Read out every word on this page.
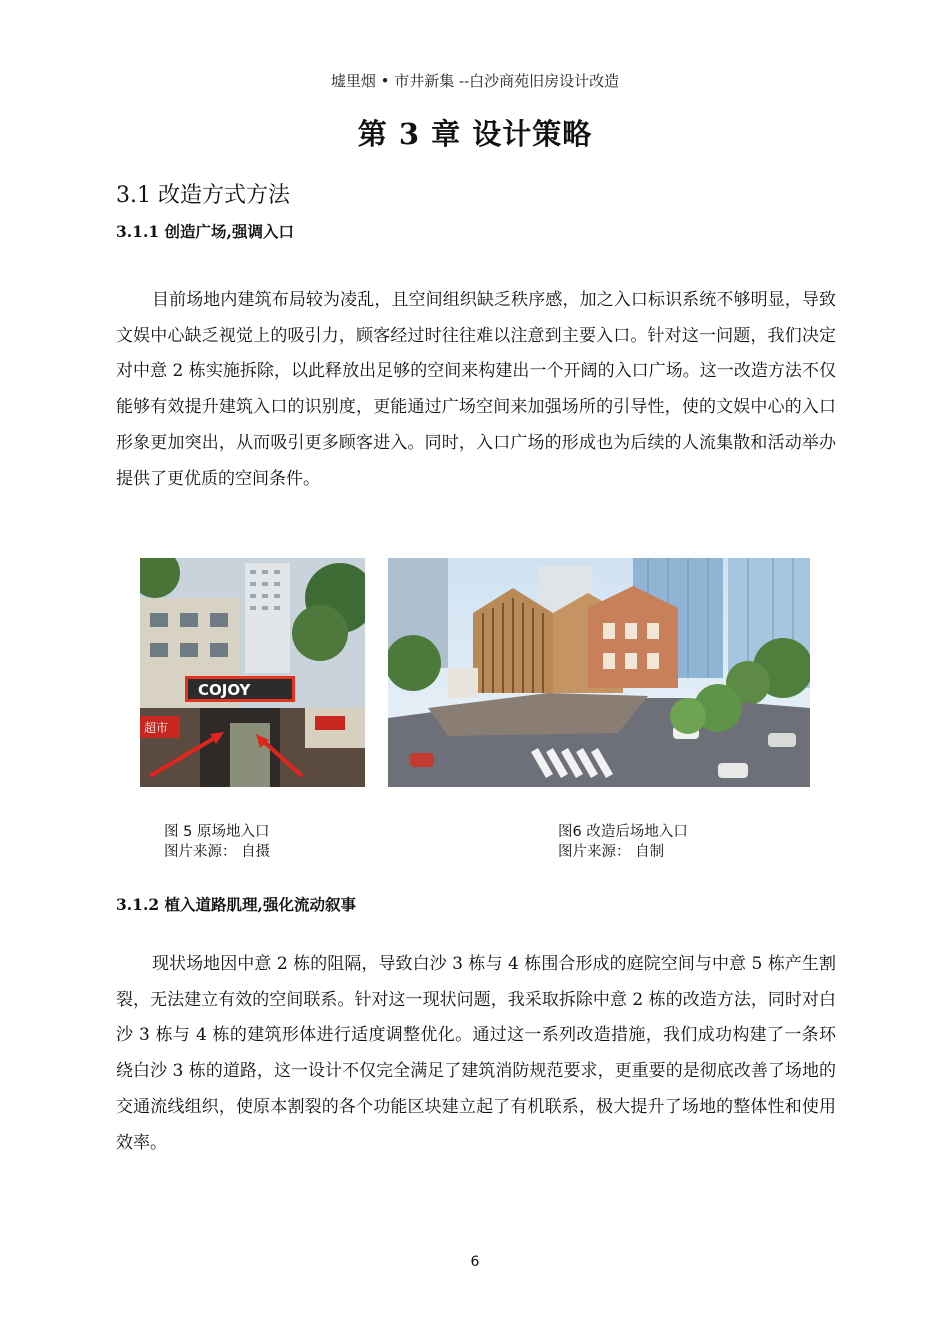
墟里烟 • 市井新集 --白沙商苑旧房设计改造
第 3 章 设计策略
3.1 改造方式方法
3.1.1 创造广场,强调入口

目前场地内建筑布局较为凌乱，且空间组织缺乏秩序感，加之入口标识系统不够明显，导致文娱中心缺乏视觉上的吸引力，顾客经过时往往难以注意到主要入口。针对这一问题，我们决定对中意 2 栋实施拆除，以此释放出足够的空间来构建出一个开阔的入口广场。这一改造方法不仅能够有效提升建筑入口的识别度，更能通过广场空间来加强场所的引导性，使的文娱中心的入口形象更加突出，从而吸引更多顾客进入。同时，入口广场的形成也为后续的人流集散和活动举办提供了更优质的空间条件。

COJOY
超市
图 5 原场地入口
图片来源： 自摄
图6 改造后场地入口
图片来源： 自制
3.1.2 植入道路肌理,强化流动叙事

现状场地因中意 2 栋的阻隔，导致白沙 3 栋与 4 栋围合形成的庭院空间与中意 5 栋产生割裂，无法建立有效的空间联系。针对这一现状问题，我采取拆除中意 2 栋的改造方法，同时对白沙 3 栋与 4 栋的建筑形体进行适度调整优化。通过这一系列改造措施，我们成功构建了一条环绕白沙 3 栋的道路，这一设计不仅完全满足了建筑消防规范要求，更重要的是彻底改善了场地的交通流线组织，使原本割裂的各个功能区块建立起了有机联系，极大提升了场地的整体性和使用效率。

6
